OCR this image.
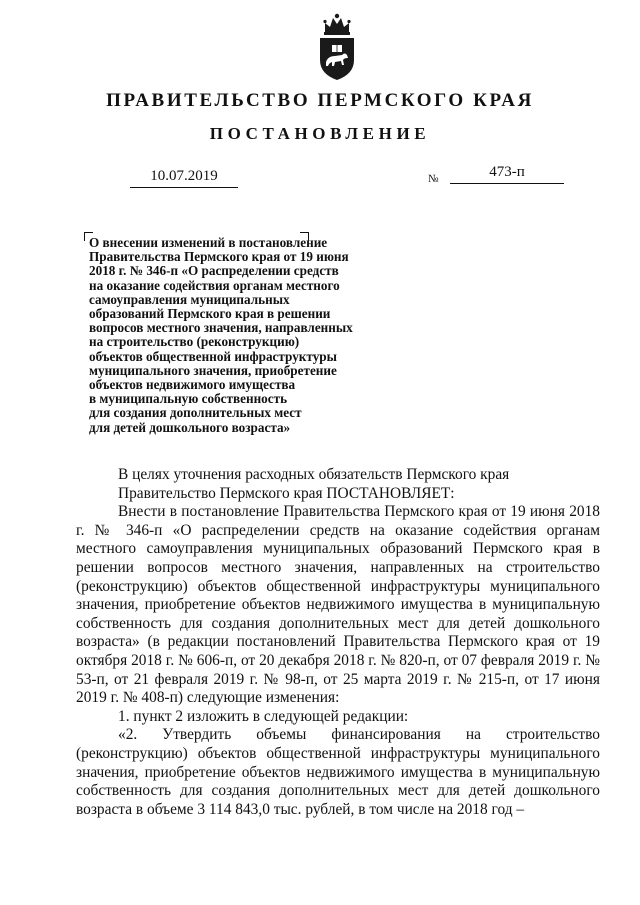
ПРАВИТЕЛЬСТВО ПЕРМСКОГО КРАЯ
ПОСТАНОВЛЕНИЕ
10.07.2019	№	473-п
О внесении изменений в постановление
Правительства Пермского края от 19 июня
2018 г. № 346-п «О распределении средств
на оказание содействия органам местного
самоуправления муниципальных
образований Пермского края в решении
вопросов местного значения, направленных
на строительство (реконструкцию)
объектов общественной инфраструктуры
муниципального значения, приобретение
объектов недвижимого имущества
в муниципальную собственность
для создания дополнительных мест
для детей дошкольного возраста»

В целях уточнения расходных обязательств Пермского края

Правительство Пермского края ПОСТАНОВЛЯЕТ:

Внести в постановление Правительства Пермского края от 19 июня 2018 г. № 346-п «О распределении средств на оказание содействия органам местного самоуправления муниципальных образований Пермского края в решении вопросов местного значения, направленных на строительство (реконструкцию) объектов общественной инфраструктуры муниципального значения, приобретение объектов недвижимого имущества в муниципальную собственность для создания дополнительных мест для детей дошкольного возраста» (в редакции постановлений Правительства Пермского края от 19 октября 2018 г. № 606-п, от 20 декабря 2018 г. № 820-п, от 07 февраля 2019 г. № 53-п, от 21 февраля 2019 г. № 98-п, от 25 марта 2019 г. № 215-п, от 17 июня 2019 г. № 408-п) следующие изменения:

1. пункт 2 изложить в следующей редакции:

«2. Утвердить объемы финансирования на строительство (реконструкцию) объектов общественной инфраструктуры муниципального значения, приобретение объектов недвижимого имущества в муниципальную собственность для создания дополнительных мест для детей дошкольного возраста в объеме 3 114 843,0 тыс. рублей, в том числе на 2018 год –
